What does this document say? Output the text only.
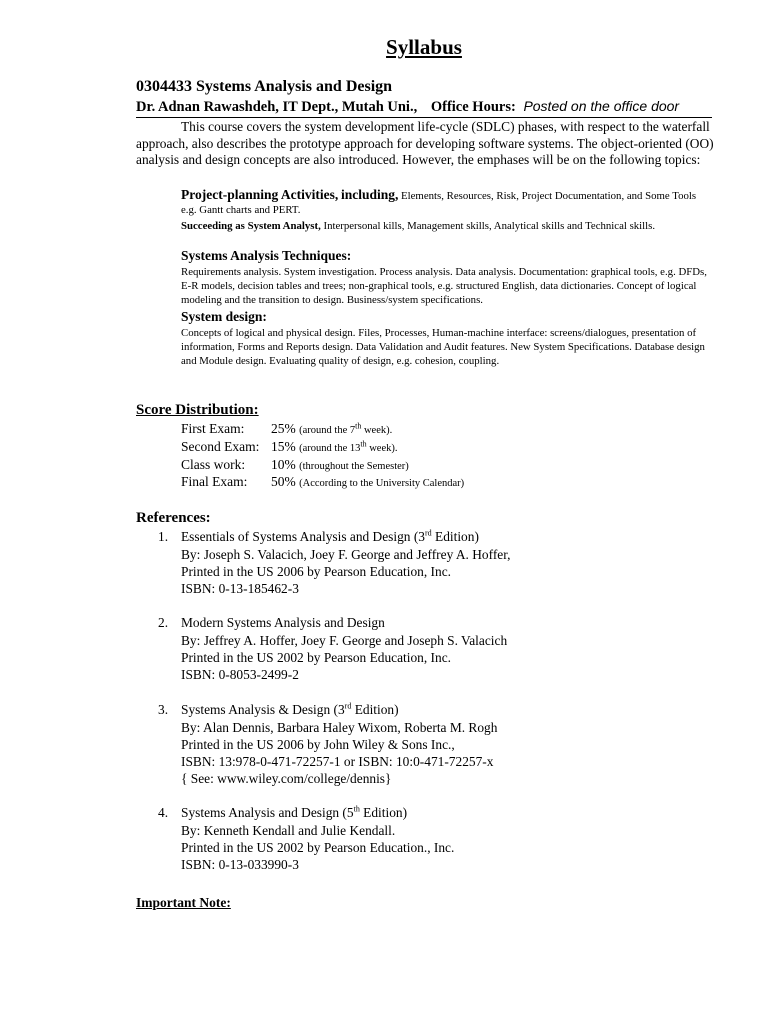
Syllabus
0304433 Systems Analysis and Design
Dr. Adnan Rawashdeh, IT Dept., Mutah Uni., Office Hours: Posted on the office door
This course covers the system development life-cycle (SDLC) phases, with respect to the waterfall approach, also describes the prototype approach for developing software systems. The object-oriented (OO) analysis and design concepts are also introduced. However, the emphases will be on the following topics:
Project-planning Activities, including, Elements, Resources, Risk, Project Documentation, and Some Tools e.g. Gantt charts and PERT.
Succeeding as System Analyst, Interpersonal kills, Management skills, Analytical skills and Technical skills.
Systems Analysis Techniques:
Requirements analysis. System investigation. Process analysis. Data analysis. Documentation: graphical tools, e.g. DFDs, E-R models, decision tables and trees; non-graphical tools, e.g. structured English, data dictionaries. Concept of logical modeling and the transition to design. Business/system specifications.
System design:
Concepts of logical and physical design. Files, Processes, Human-machine interface: screens/dialogues, presentation of information, Forms and Reports design. Data Validation and Audit features. New System Specifications. Database design and Module design. Evaluating quality of design, e.g. cohesion, coupling.
Score Distribution:
First Exam: 25% (around the 7th week).
Second Exam: 15% (around the 13th week).
Class work: 10% (throughout the Semester)
Final Exam: 50% (According to the University Calendar)
References:
1. Essentials of Systems Analysis and Design (3rd Edition)
By: Joseph S. Valacich, Joey F. George and Jeffrey A. Hoffer,
Printed in the US 2006 by Pearson Education, Inc.
ISBN: 0-13-185462-3
2. Modern Systems Analysis and Design
By: Jeffrey A. Hoffer, Joey F. George and Joseph S. Valacich
Printed in the US 2002 by Pearson Education, Inc.
ISBN: 0-8053-2499-2
3. Systems Analysis & Design (3rd Edition)
By: Alan Dennis, Barbara Haley Wixom, Roberta M. Rogh
Printed in the US 2006 by John Wiley & Sons Inc.,
ISBN: 13:978-0-471-72257-1 or ISBN: 10:0-471-72257-x
{ See: www.wiley.com/college/dennis}
4. Systems Analysis and Design (5th Edition)
By: Kenneth Kendall and Julie Kendall.
Printed in the US 2002 by Pearson Education., Inc.
ISBN: 0-13-033990-3
Important Note:
